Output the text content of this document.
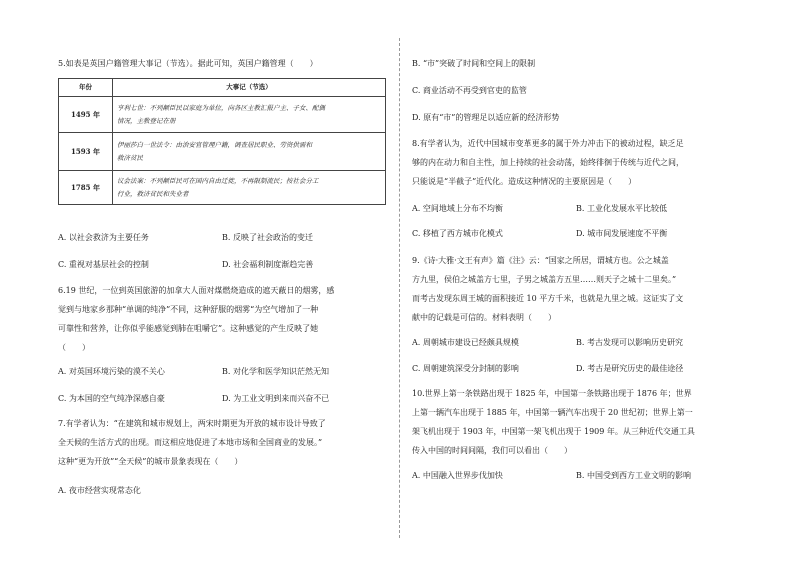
5.如表是英国户籍管理大事记（节选）。据此可知，英国户籍管理（　　）
年份	大事记（节选）
1495 年	亨利七世：不列颠臣民以家庭为单位，向各区主教汇报户主、子女、配偶
情况，主教登记在册

1593 年	伊丽莎白一世法令：由治安官管理户籍，调查居民职业、劳资供需和
救济贫民

1785 年	议会法案：不列颠臣民可在国内自由迁徙，不再限制流民；按社会分工
行业，救济贫民和失业者
A. 以社会救济为主要任务	B. 反映了社会政治的变迁
C. 重视对基层社会的控制	D. 社会福利制度渐趋完善
6.19 世纪，一位到英国旅游的加拿大人面对煤燃烧造成的遮天蔽日的烟雾，感
觉到与地家乡那种“单调的纯净”不同，这种舒服的烟雾“为空气增加了一种
可靠性和营养，让你似乎能感觉到肺在咀嚼它”。这种感觉的产生反映了她
（　　）
A. 对英国环境污染的漠不关心	B. 对化学和医学知识茫然无知
C. 为本国的空气纯净深感自豪	D. 为工业文明到来而兴奋不已
7.有学者认为：“在建筑和城市规划上，两宋时期更为开放的城市设计导致了
全天候的生活方式的出现。而这相应地促进了本地市场和全国商业的发展。”
这种“更为开放”“全天候”的城市景象表现在（　　）
A. 夜市经营实现常态化
B. “市”突破了时间和空间上的限制
C. 商业活动不再受到官吏的监管
D. 原有“市”的管理足以适应新的经济形势
8.有学者认为，近代中国城市变革更多的属于外力冲击下的被动过程，缺乏足
够的内在动力和自主性，加上持续的社会动荡，始终徘徊于传统与近代之间，
只能说是“半截子”近代化。造成这种情况的主要原因是（　　）
A. 空间地域上分布不均衡	B. 工业化发展水平比较低
C. 移植了西方城市化模式	D. 城市间发展速度不平衡
9.《诗·大雅·文王有声》篇《注》云：“国家之所居，谓城方也。公之城盖
方九里，侯伯之城盖方七里，子男之城盖方五里……则天子之城十二里矣。”
而考古发现东周王城的面积接近 10 平方千米，也就是九里之城。这证实了文
献中的记载是可信的。材料表明（　　）
A. 周朝城市建设已经颇具规模	B. 考古发现可以影响历史研究
C. 周朝建筑深受分封制的影响	D. 考古是研究历史的最佳途径
10.世界上第一条铁路出现于 1825 年，中国第一条铁路出现于 1876 年；世界
上第一辆汽车出现于 1885 年，中国第一辆汽车出现于 20 世纪初；世界上第一
架飞机出现于 1903 年，中国第一架飞机出现于 1909 年。从三种近代交通工具
传入中国的时间间隔，我们可以看出（　　）
A. 中国融入世界步伐加快	B. 中国受到西方工业文明的影响
